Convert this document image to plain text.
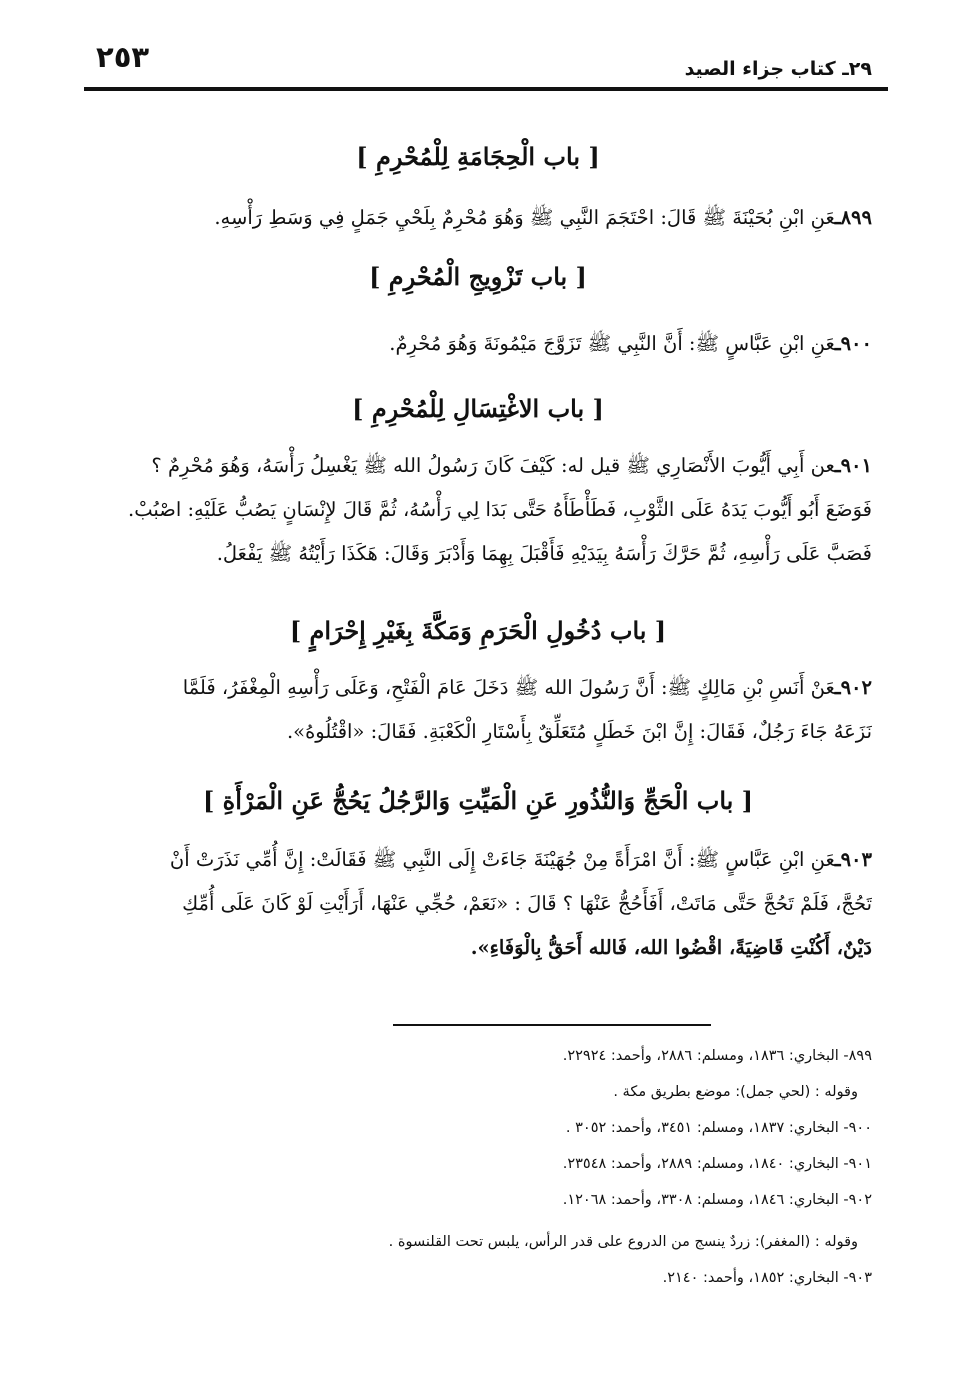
٢٩ـ كتاب جزاء الصيد
٢٥٣
[ باب الْحِجَامَةِ لِلْمُحْرِمِ ]
٨٩٩ـعَنِ ابْنِ بُحَيْنَةَ ﷺ قَالَ: احْتَجَمَ النَّبِي ﷺ وَهُوَ مُحْرِمٌ بِلَحْيِ جَمَلٍ فِي وَسَطِ رَأْسِهِ.
[ باب تَزْوِيجِ الْمُحْرِمِ ]
٩٠٠ـعَنِ ابْنِ عَبَّاسٍ ﷺ: أَنَّ النَّبِي ﷺ تَزَوَّجَ مَيْمُونَةَ وَهُوَ مُحْرِمٌ.
[ باب الاغْتِسَالِ لِلْمُحْرِمِ ]
٩٠١ـعن أَبِي أَيُّوبَ الأَنْصَارِي ﷺ قيل له: كَيْفَ كَانَ رَسُولُ الله ﷺ يَغْسِلُ رَأْسَهُ، وَهُوَ مُحْرِمٌ ؟
فَوَضَعَ أَبُو أَيُّوبَ يَدَهُ عَلَى الثَّوْبِ، فَطَأْطَأَهُ حَتَّى بَدَا لِي رَأْسُهُ، ثُمَّ قَالَ لإِنْسَانٍ يَصُبُّ عَلَيْهِ: اصْبُبْ.
فَصَبَّ عَلَى رَأْسِهِ، ثُمَّ حَرَّكَ رَأْسَهُ بِيَدَيْهِ فَأَقْبَلَ بِهِمَا وَأَدْبَرَ وَقَالَ: هَكَذَا رَأَيْتُهُ ﷺ يَفْعَلُ.
[ باب دُخُولِ الْحَرَمِ وَمَكَّةَ بِغَيْرِ إِحْرَامٍ ]
٩٠٢ـعَنْ أَنَسِ بْنِ مَالِكٍ ﷺ: أَنَّ رَسُولَ الله ﷺ دَخَلَ عَامَ الْفَتْحِ، وَعَلَى رَأْسِهِ الْمِغْفَرُ، فَلَمَّا
نَزَعَهُ جَاءَ رَجُلٌ، فَقَالَ: إِنَّ ابْنَ خَطَلٍ مُتَعَلِّقٌ بِأَسْتَارِ الْكَعْبَةِ. فَقَالَ: «اقْتُلُوهُ».
[ باب الْحَجِّ وَالنُّذُورِ عَنِ الْمَيِّتِ وَالرَّجُلُ يَحُجُّ عَنِ الْمَرْأَةِ ]
٩٠٣ـعَنِ ابْنِ عَبَّاسٍ ﷺ: أَنَّ امْرَأَةً مِنْ جُهَيْنَةَ جَاءَتْ إِلَى النَّبِي ﷺ فَقَالَتْ: إِنَّ أُمِّي نَذَرَتْ أَنْ
تَحُجَّ، فَلَمْ تَحُجَّ حَتَّى مَاتَتْ، أَفَأَحُجُّ عَنْهَا ؟ قَالَ : «نَعَمْ، حُجِّي عَنْهَا، أَرَأَيْتِ لَوْ كَانَ عَلَى أُمِّكِ
دَيْنٌ، أَكُنْتِ قَاضِيَةً، اقْضُوا الله، فَالله أَحَقُّ بِالْوَفَاءِ».
٨٩٩- البخاري: ١٨٣٦، ومسلم: ٢٨٨٦، وأحمد: ٢٢٩٢٤.
وقوله : (لحي جمل): موضع بطريق مكة .
٩٠٠- البخاري: ١٨٣٧، ومسلم: ٣٤٥١، وأحمد: ٣٠٥٢ .
٩٠١- البخاري: ١٨٤٠، ومسلم: ٢٨٨٩، وأحمد: ٢٣٥٤٨.
٩٠٢- البخاري: ١٨٤٦، ومسلم: ٣٣٠٨، وأحمد: ١٢٠٦٨.
وقوله : (المغفر): زردٌ ينسج من الدروع على قدر الرأس، يلبس تحت القلنسوة .
٩٠٣- البخاري: ١٨٥٢، وأحمد: ٢١٤٠.
